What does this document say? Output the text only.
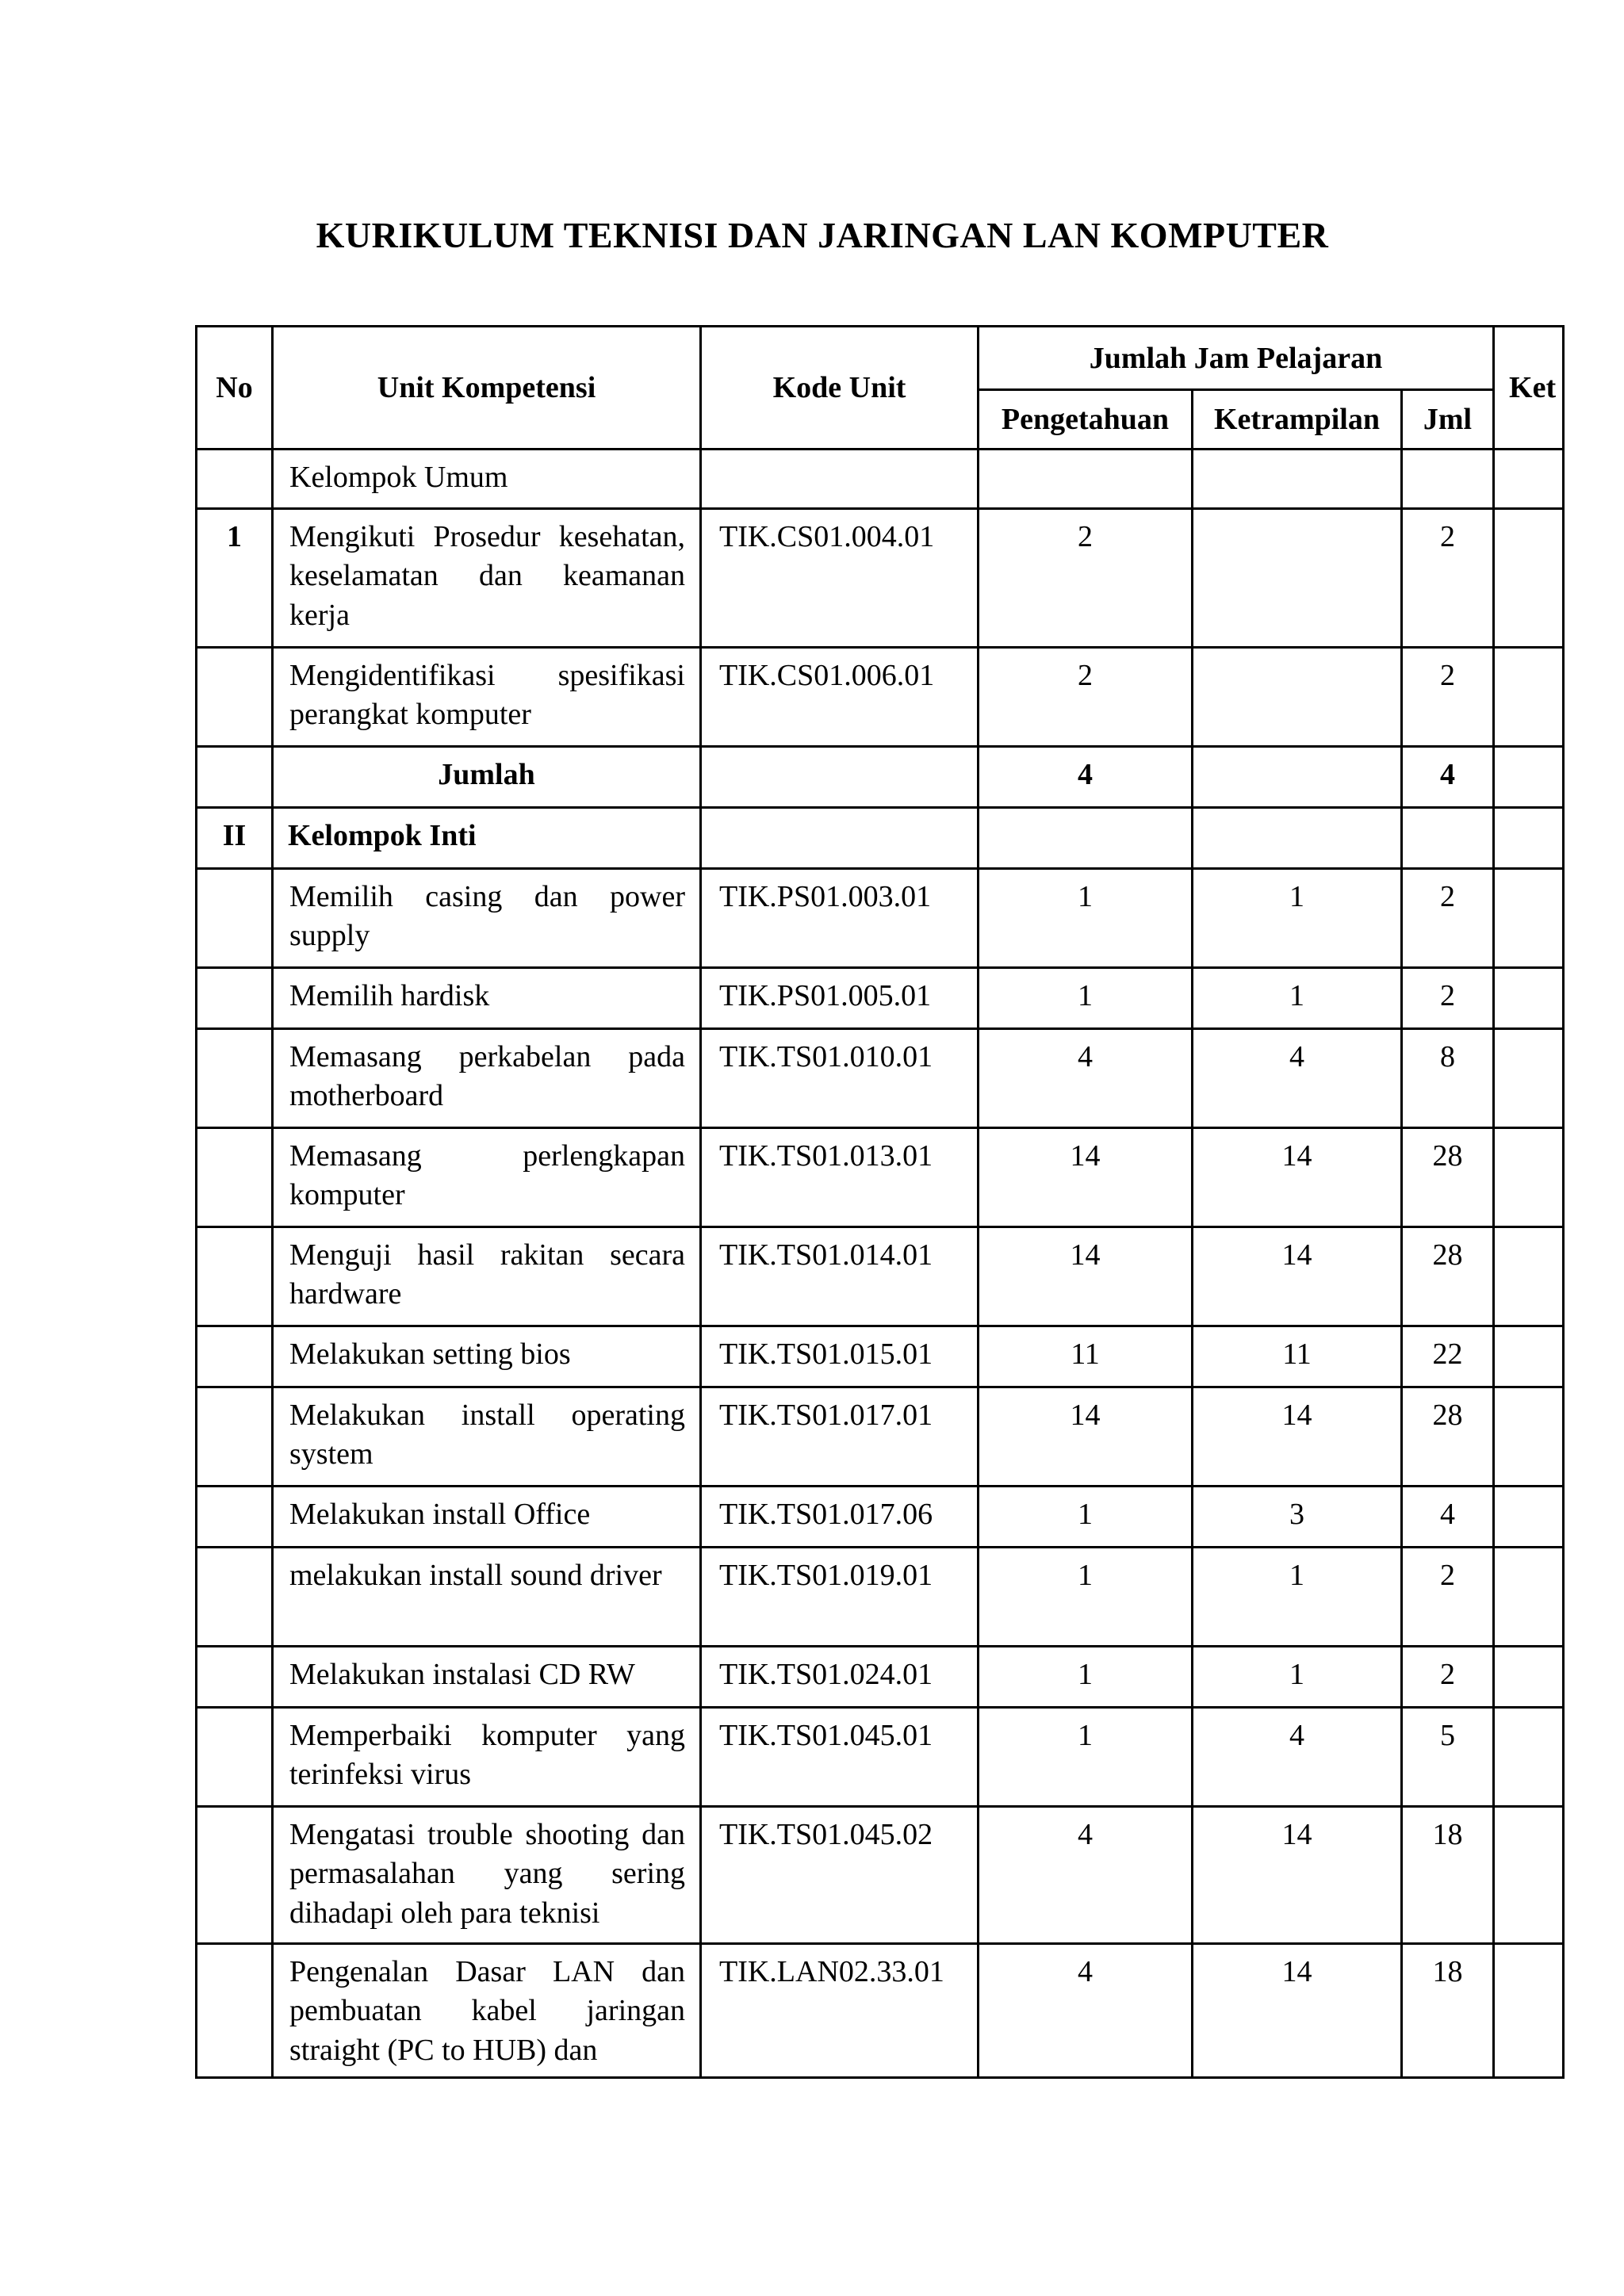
KURIKULUM TEKNISI DAN JARINGAN LAN KOMPUTER
No	Unit Kompetensi	Kode Unit	Jumlah Jam Pelajaran			Ket
			Pengetahuan	Ketrampilan	Jml	
	Kelompok Umum					
1	Mengikuti Prosedur kesehatan, keselamatan dan keamanan kerja	TIK.CS01.004.01	2		2	
	Mengidentifikasi spesifikasi perangkat komputer	TIK.CS01.006.01	2		2	
	Jumlah		4		4	
II	Kelompok Inti					
	Memilih casing dan power supply	TIK.PS01.003.01	1	1	2	
	Memilih hardisk	TIK.PS01.005.01	1	1	2	
	Memasang perkabelan pada motherboard	TIK.TS01.010.01	4	4	8	
	Memasang perlengkapan komputer	TIK.TS01.013.01	14	14	28	
	Menguji hasil rakitan secara hardware	TIK.TS01.014.01	14	14	28	
	Melakukan setting bios	TIK.TS01.015.01	11	11	22	
	Melakukan install operating system	TIK.TS01.017.01	14	14	28	
	Melakukan install Office	TIK.TS01.017.06	1	3	4	
	melakukan install sound driver	TIK.TS01.019.01	1	1	2	
	Melakukan instalasi CD RW	TIK.TS01.024.01	1	1	2	
	Memperbaiki komputer yang terinfeksi virus	TIK.TS01.045.01	1	4	5	
	Mengatasi trouble shooting dan permasalahan yang sering dihadapi oleh para teknisi	TIK.TS01.045.02	4	14	18	
	Pengenalan Dasar LAN dan pembuatan kabel jaringan straight (PC to HUB) dan	TIK.LAN02.33.01	4	14	18	
